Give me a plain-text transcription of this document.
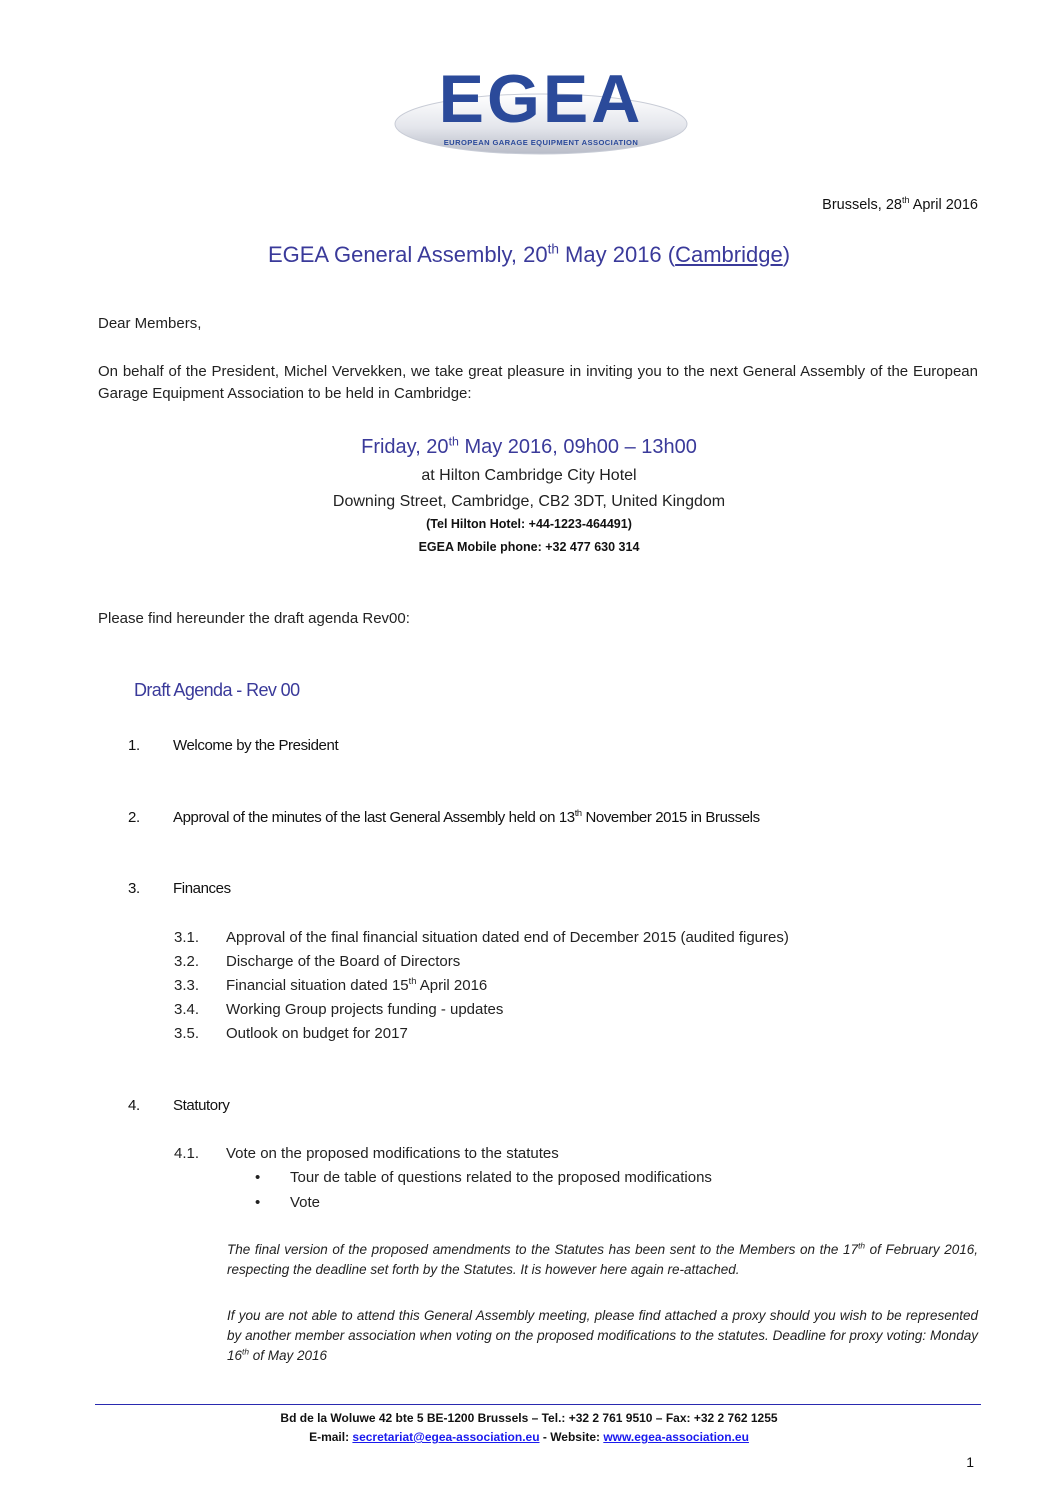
EGEA
EUROPEAN GARAGE EQUIPMENT ASSOCIATION
Brussels, 28th April 2016
EGEA General Assembly, 20th May 2016 (Cambridge)
Dear Members,
On behalf of the President, Michel Vervekken, we take great pleasure in inviting you to the next General Assembly of the European Garage Equipment Association to be held in Cambridge:
Friday, 20th May 2016, 09h00 – 13h00
at Hilton Cambridge City Hotel
Downing Street, Cambridge, CB2 3DT, United Kingdom
(Tel Hilton Hotel: +44-1223-464491)
EGEA Mobile phone: +32 477 630 314
Please find hereunder the draft agenda Rev00:
Draft Agenda - Rev 00
1. Welcome by the President
2. Approval of the minutes of the last General Assembly held on 13th November 2015 in Brussels
3. Finances
3.1. Approval of the final financial situation dated end of December 2015 (audited figures)
3.2. Discharge of the Board of Directors
3.3. Financial situation dated 15th April 2016
3.4. Working Group projects funding - updates
3.5. Outlook on budget for 2017
4. Statutory
4.1. Vote on the proposed modifications to the statutes
• Tour de table of questions related to the proposed modifications
• Vote
The final version of the proposed amendments to the Statutes has been sent to the Members on the 17th of February 2016, respecting the deadline set forth by the Statutes. It is however here again re-attached.
If you are not able to attend this General Assembly meeting, please find attached a proxy should you wish to be represented by another member association when voting on the proposed modifications to the statutes. Deadline for proxy voting: Monday 16th of May 2016
Bd de la Woluwe 42 bte 5 BE-1200 Brussels – Tel.: +32 2 761 9510 – Fax: +32 2 762 1255
E-mail: secretariat@egea-association.eu - Website: www.egea-association.eu
1
